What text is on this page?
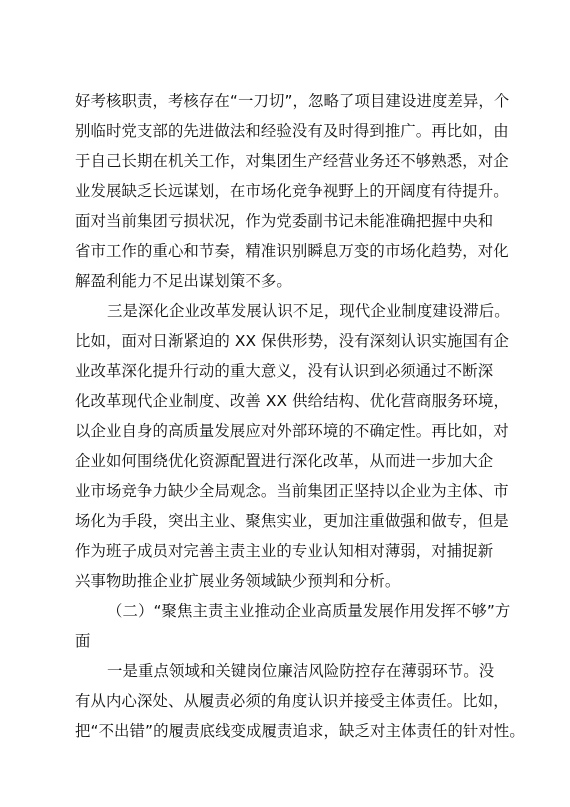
好考核职责，考核存在“一刀切”，忽略了项目建设进度差异，个
别临时党支部的先进做法和经验没有及时得到推广。再比如，由
于自己长期在机关工作，对集团生产经营业务还不够熟悉，对企
业发展缺乏长远谋划，在市场化竞争视野上的开阔度有待提升。
面对当前集团亏损状况，作为党委副书记未能准确把握中央和
省市工作的重心和节奏，精准识别瞬息万变的市场化趋势，对化
解盈利能力不足出谋划策不多。
三是深化企业改革发展认识不足，现代企业制度建设滞后。
比如，面对日渐紧迫的 XX 保供形势，没有深刻认识实施国有企
业改革深化提升行动的重大意义，没有认识到必须通过不断深
化改革现代企业制度、改善 XX 供给结构、优化营商服务环境，
以企业自身的高质量发展应对外部环境的不确定性。再比如，对
企业如何围绕优化资源配置进行深化改革，从而进一步加大企
业市场竞争力缺少全局观念。当前集团正坚持以企业为主体、市
场化为手段，突出主业、聚焦实业，更加注重做强和做专，但是
作为班子成员对完善主责主业的专业认知相对薄弱，对捕捉新
兴事物助推企业扩展业务领域缺少预判和分析。
（二）“聚焦主责主业推动企业高质量发展作用发挥不够”方
面
一是重点领域和关键岗位廉洁风险防控存在薄弱环节。没
有从内心深处、从履责必须的角度认识并接受主体责任。比如，
把“不出错”的履责底线变成履责追求，缺乏对主体责任的针对性。
